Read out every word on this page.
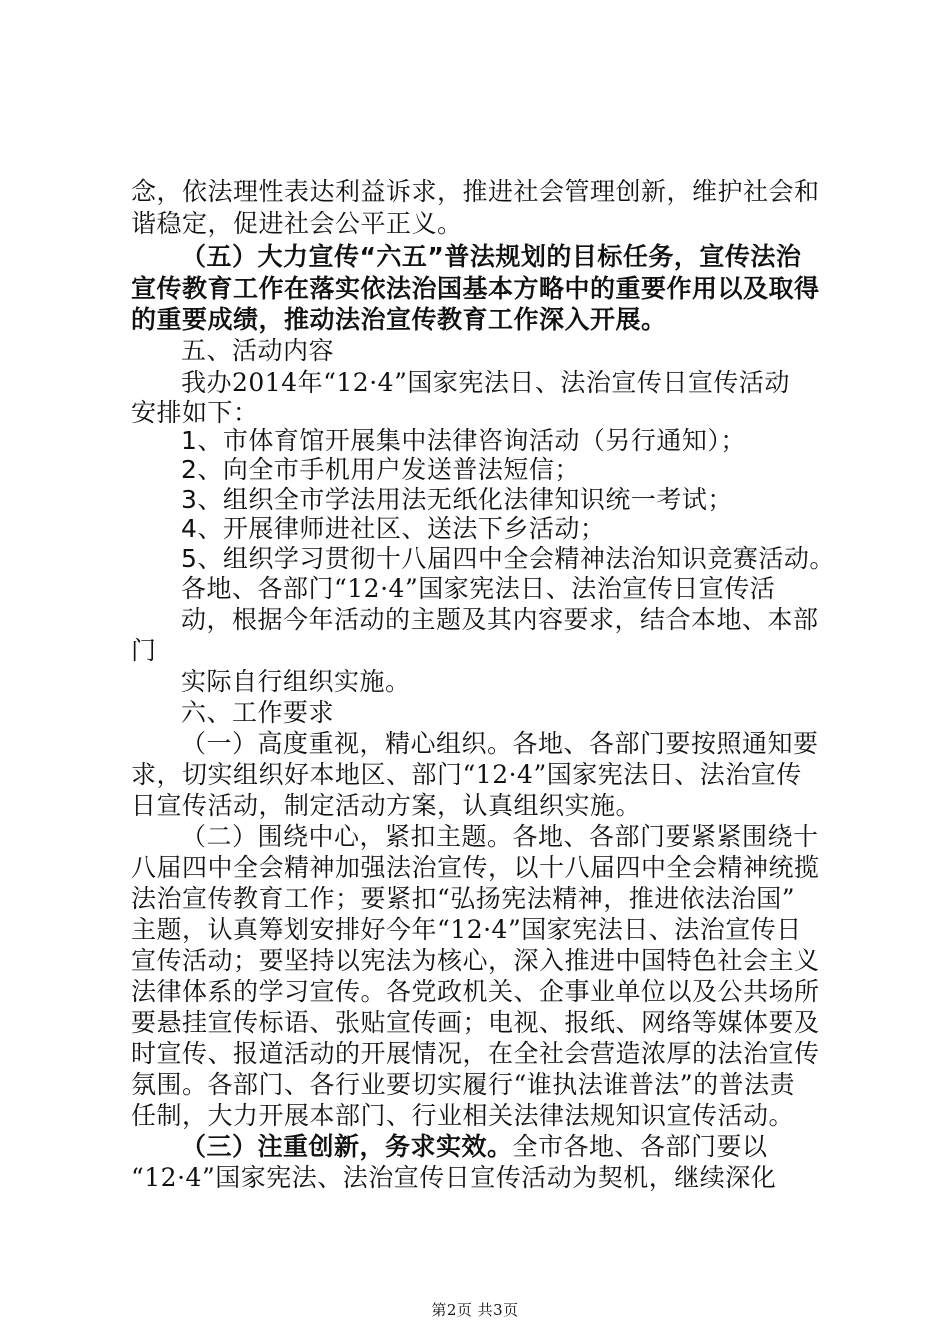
念，依法理性表达利益诉求，推进社会管理创新，维护社会和

谐稳定，促进社会公平正义。

（五）大力宣传“六五”普法规划的目标任务，宣传法治

宣传教育工作在落实依法治国基本方略中的重要作用以及取得

的重要成绩，推动法治宣传教育工作深入开展。

五、活动内容

我办2014年“12·4”国家宪法日、法治宣传日宣传活动

安排如下：

1、市体育馆开展集中法律咨询活动（另行通知）；

2、向全市手机用户发送普法短信；

3、组织全市学法用法无纸化法律知识统一考试；

4、开展律师进社区、送法下乡活动；

5、组织学习贯彻十八届四中全会精神法治知识竞赛活动。

各地、各部门“12·4”国家宪法日、法治宣传日宣传活

动，根据今年活动的主题及其内容要求，结合本地、本部

门

实际自行组织实施。

六、工作要求

（一）高度重视，精心组织。各地、各部门要按照通知要

求，切实组织好本地区、部门“12·4”国家宪法日、法治宣传

日宣传活动，制定活动方案，认真组织实施。

（二）围绕中心，紧扣主题。各地、各部门要紧紧围绕十

八届四中全会精神加强法治宣传，以十八届四中全会精神统揽

法治宣传教育工作；要紧扣“弘扬宪法精神，推进依法治国”

主题，认真筹划安排好今年“12·4”国家宪法日、法治宣传日

宣传活动；要坚持以宪法为核心，深入推进中国特色社会主义

法律体系的学习宣传。各党政机关、企事业单位以及公共场所

要悬挂宣传标语、张贴宣传画；电视、报纸、网络等媒体要及

时宣传、报道活动的开展情况，在全社会营造浓厚的法治宣传

氛围。各部门、各行业要切实履行“谁执法谁普法”的普法责

任制，大力开展本部门、行业相关法律法规知识宣传活动。

（三）注重创新，务求实效。全市各地、各部门要以

“12·4”国家宪法、法治宣传日宣传活动为契机，继续深化

第2页 共3页
